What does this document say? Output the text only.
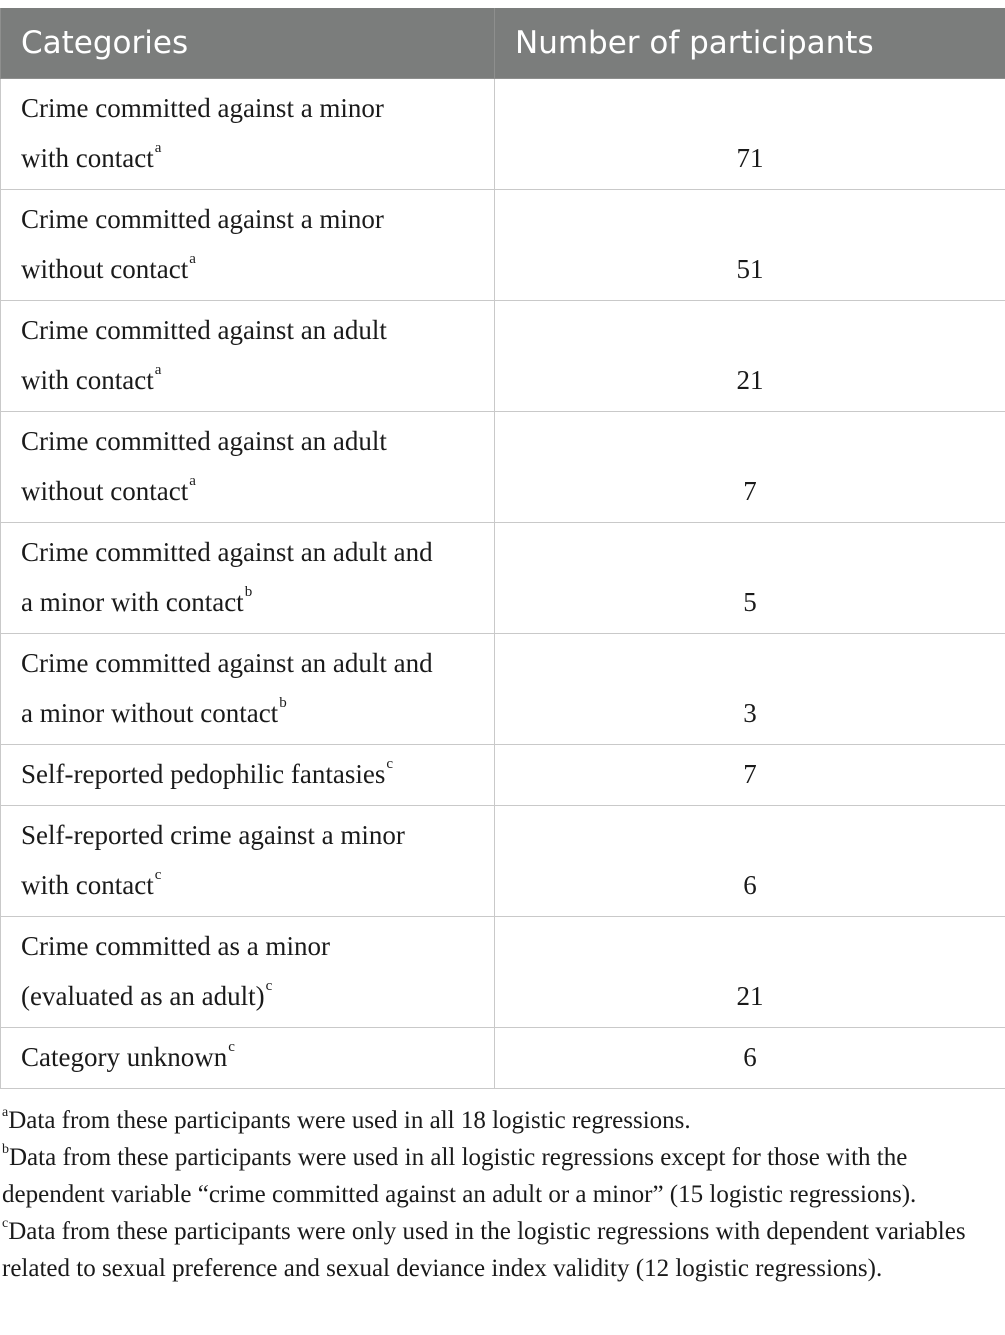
Categories	Number of participants
Crime committed against a minor
with contact$^a$	71
Crime committed against a minor
without contact$^a$	51
Crime committed against an adult
with contact$^a$	21
Crime committed against an adult
without contact$^a$	7
Crime committed against an adult and
a minor with contact$^b$	5
Crime committed against an adult and
a minor without contact$^b$	3
Self-reported pedophilic fantasies$^c$	7
Self-reported crime against a minor
with contact$^c$	6
Crime committed as a minor
(evaluated as an adult)$^c$	21
Category unknown$^c$	6

$^a$Data from these participants were used in all 18 logistic regressions.

$^b$Data from these participants were used in all logistic regressions except for those with the dependent variable “crime committed against an adult or a minor” (15 logistic regressions).

$^c$Data from these participants were only used in the logistic regressions with dependent variables related to sexual preference and sexual deviance index validity (12 logistic regressions).
